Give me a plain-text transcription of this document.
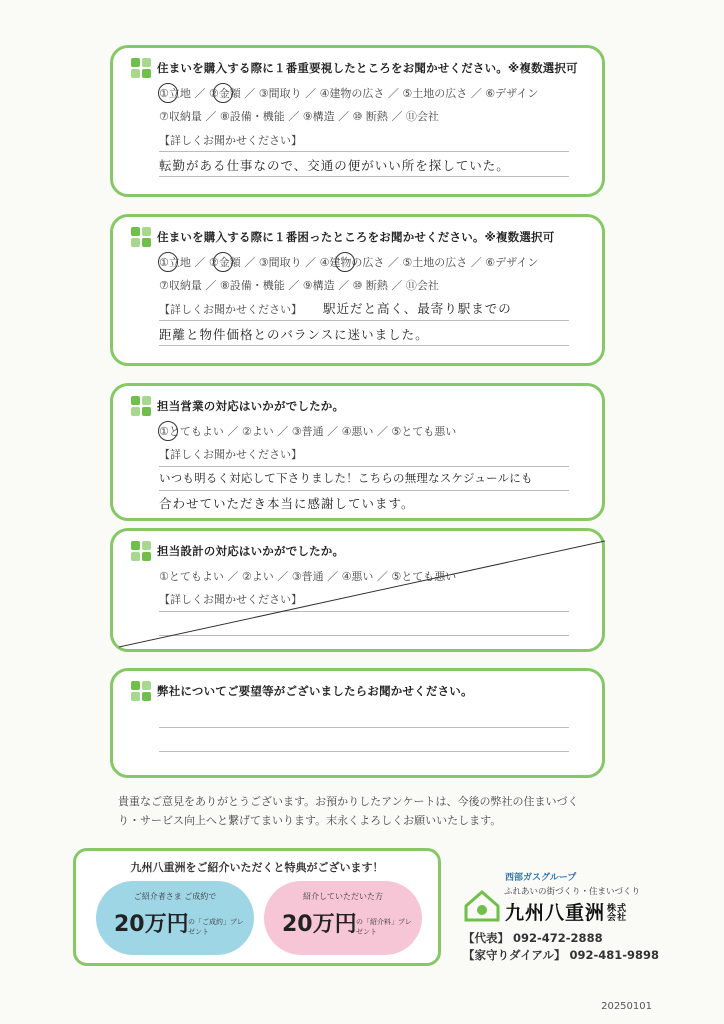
住まいを購入する際に１番重要視したところをお聞かせください。※複数選択可
①立地 ／ ②金額 ／ ③間取り ／ ④建物の広さ ／ ⑤土地の広さ ／ ⑥デザイン
⑦収納量 ／ ⑧設備・機能 ／ ⑨構造 ／ ⑩ 断熱 ／ ⑪会社
【詳しくお聞かせください】
転勤がある仕事なので、交通の便がいい所を探していた。
住まいを購入する際に１番困ったところをお聞かせください。※複数選択可
①立地 ／ ②金額 ／ ③間取り ／ ④建物の広さ ／ ⑤土地の広さ ／ ⑥デザイン
⑦収納量 ／ ⑧設備・機能 ／ ⑨構造 ／ ⑩ 断熱 ／ ⑪会社
【詳しくお聞かせください】 駅近だと高く、最寄り駅までの
距離と物件価格とのバランスに迷いました。
担当営業の対応はいかがでしたか。
①とてもよい ／ ②よい ／ ③普通 ／ ④悪い ／ ⑤とても悪い
【詳しくお聞かせください】
いつも明るく対応して下さりました！こちらの無理なスケジュールにも
合わせていただき本当に感謝しています。
担当設計の対応はいかがでしたか。
①とてもよい ／ ②よい ／ ③普通 ／ ④悪い ／ ⑤とても悪い
【詳しくお聞かせください】
弊社についてご要望等がございましたらお聞かせください。
貴重なご意見をありがとうございます。お預かりしたアンケートは、今後の弊社の住まいづくり・サービス向上へと繋げてまいります。末永くよろしくお願いいたします。
九州八重洲をご紹介いただくと特典がございます！
ご紹介者さま ご成約で
20万円 の「ご成約」プレゼント
紹介していただいた方
20万円 の「紹介料」プレゼント
西部ガスグループ
ふれあいの街づくり・住まいづくり
九州八重洲 株式会社
【代表】 092-472-2888
【家守りダイアル】 092-481-9898
20250101
